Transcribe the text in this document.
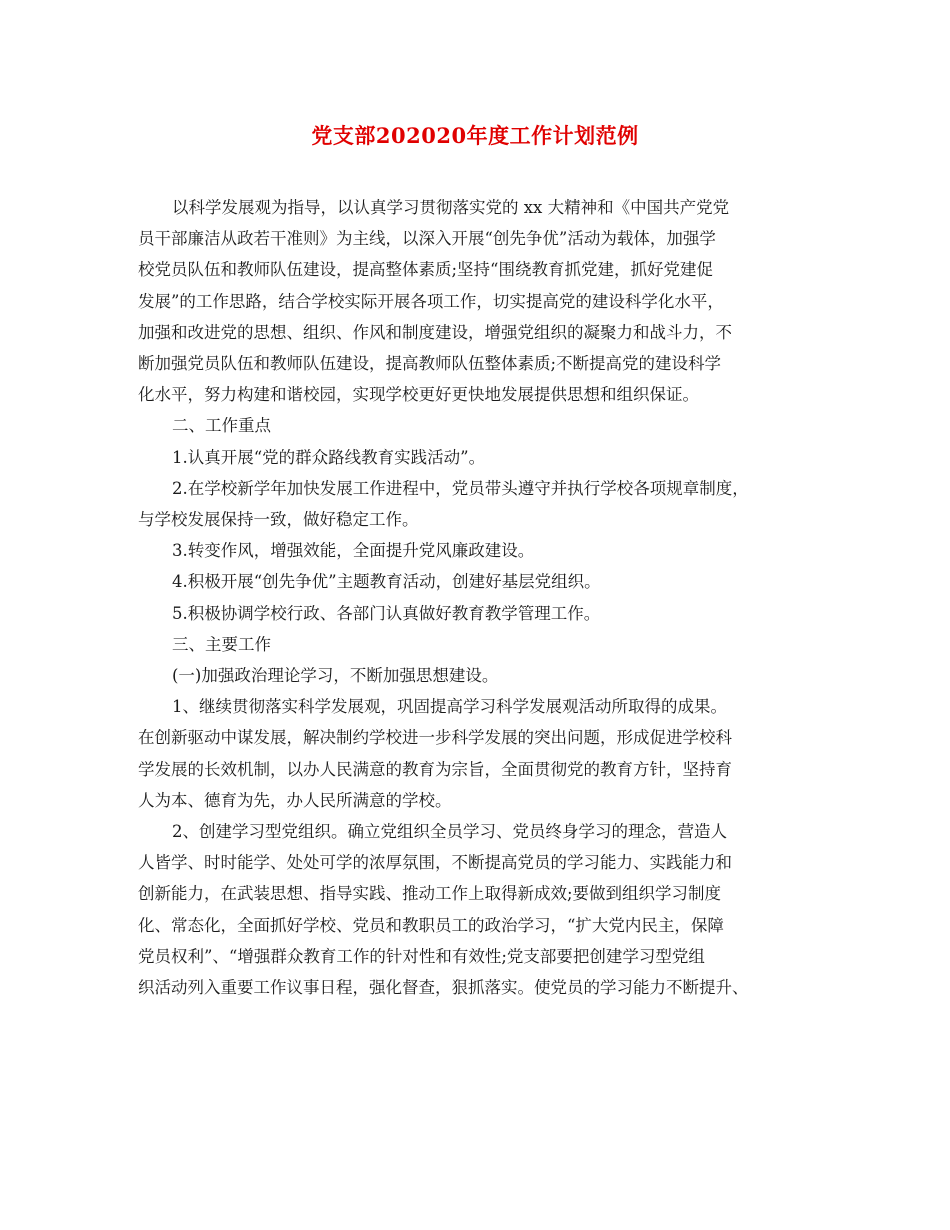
党支部202020年度工作计划范例
以科学发展观为指导，以认真学习贯彻落实党的 xx 大精神和《中国共产党党
员干部廉洁从政若干准则》为主线，以深入开展“创先争优”活动为载体，加强学
校党员队伍和教师队伍建设，提高整体素质;坚持“围绕教育抓党建，抓好党建促
发展”的工作思路，结合学校实际开展各项工作，切实提高党的建设科学化水平，
加强和改进党的思想、组织、作风和制度建设，增强党组织的凝聚力和战斗力，不
断加强党员队伍和教师队伍建设，提高教师队伍整体素质;不断提高党的建设科学
化水平，努力构建和谐校园，实现学校更好更快地发展提供思想和组织保证。
二、工作重点
1.认真开展“党的群众路线教育实践活动”。
2.在学校新学年加快发展工作进程中，党员带头遵守并执行学校各项规章制度，
与学校发展保持一致，做好稳定工作。
3.转变作风，增强效能，全面提升党风廉政建设。
4.积极开展“创先争优”主题教育活动，创建好基层党组织。
5.积极协调学校行政、各部门认真做好教育教学管理工作。
三、主要工作
(一)加强政治理论学习，不断加强思想建设。
1、继续贯彻落实科学发展观，巩固提高学习科学发展观活动所取得的成果。
在创新驱动中谋发展，解决制约学校进一步科学发展的突出问题，形成促进学校科
学发展的长效机制，以办人民满意的教育为宗旨，全面贯彻党的教育方针，坚持育
人为本、德育为先，办人民所满意的学校。
2、创建学习型党组织。确立党组织全员学习、党员终身学习的理念，营造人
人皆学、时时能学、处处可学的浓厚氛围，不断提高党员的学习能力、实践能力和
创新能力，在武装思想、指导实践、推动工作上取得新成效;要做到组织学习制度
化、常态化，全面抓好学校、党员和教职员工的政治学习，“扩大党内民主，保障
党员权利”、“增强群众教育工作的针对性和有效性;党支部要把创建学习型党组
织活动列入重要工作议事日程，强化督查，狠抓落实。使党员的学习能力不断提升、
